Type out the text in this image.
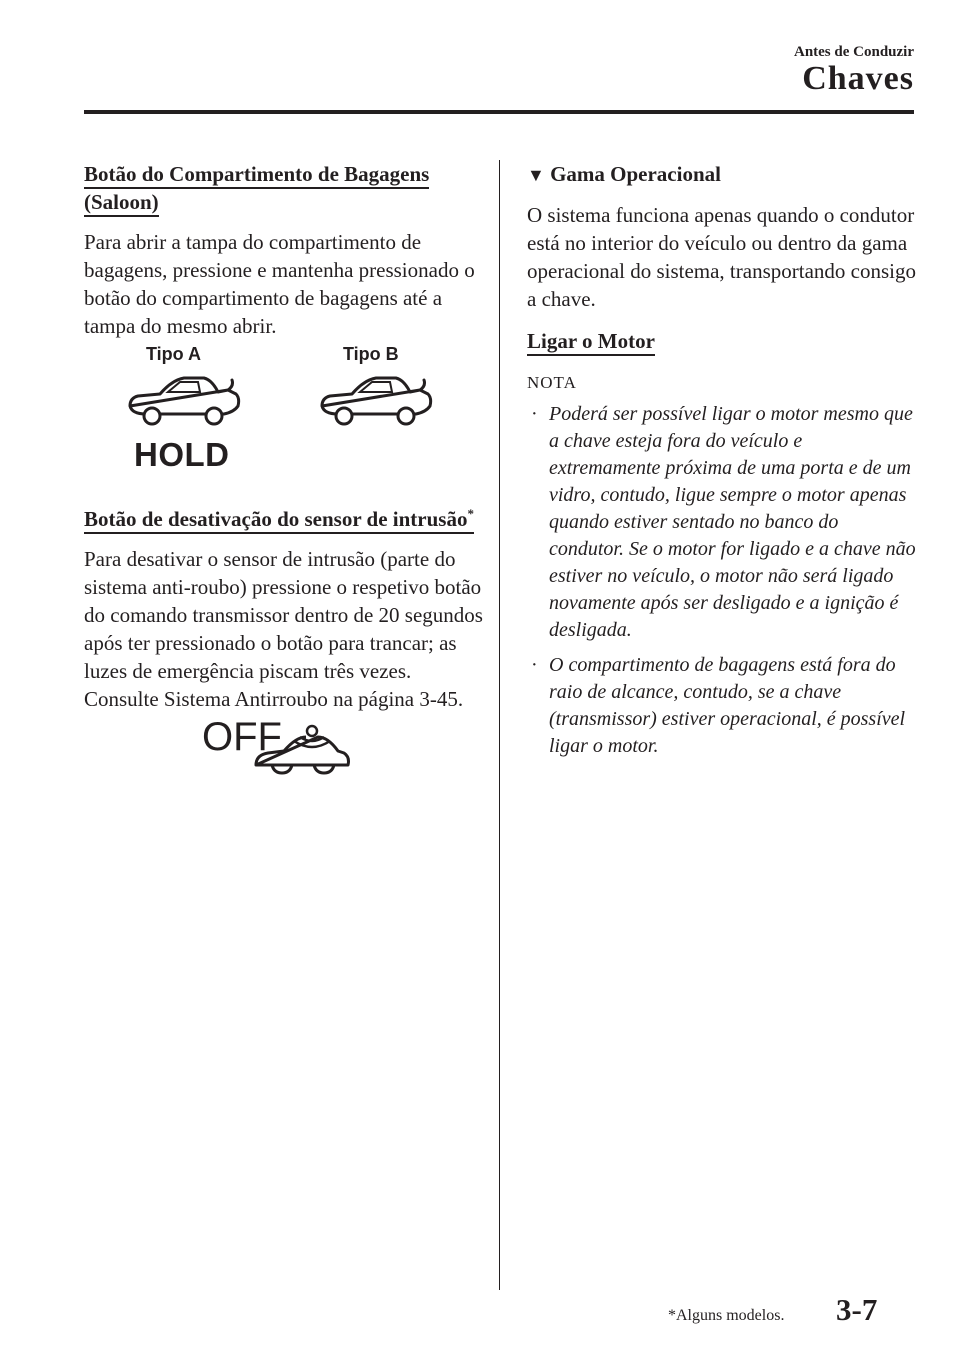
Antes de Conduzir
Chaves
Botão do Compartimento de Bagagens (Saloon)

Para abrir a tampa do compartimento de bagagens, pressione e mantenha pressionado o botão do compartimento de bagagens até a tampa do mesmo abrir.

Tipo A	Tipo B
HOLD
Botão de desativação do sensor de intrusão*

Para desativar o sensor de intrusão (parte do sistema anti-roubo) pressione o respetivo botão do comando transmissor dentro de 20 segundos após ter pressionado o botão para trancar; as luzes de emergência piscam três vezes. Consulte Sistema Antirroubo na página 3-45.

OFF
▼ Gama Operacional

O sistema funciona apenas quando o condutor está no interior do veículo ou dentro da gama operacional do sistema, transportando consigo a chave.

Ligar o Motor

NOTA

· Poderá ser possível ligar o motor mesmo que a chave esteja fora do veículo e extremamente próxima de uma porta e de um vidro, contudo, ligue sempre o motor apenas quando estiver sentado no banco do condutor. Se o motor for ligado e a chave não estiver no veículo, o motor não será ligado novamente após ser desligado e a ignição é desligada.
· O compartimento de bagagens está fora do raio de alcance, contudo, se a chave (transmissor) estiver operacional, é possível ligar o motor.
*Alguns modelos. 3-7
